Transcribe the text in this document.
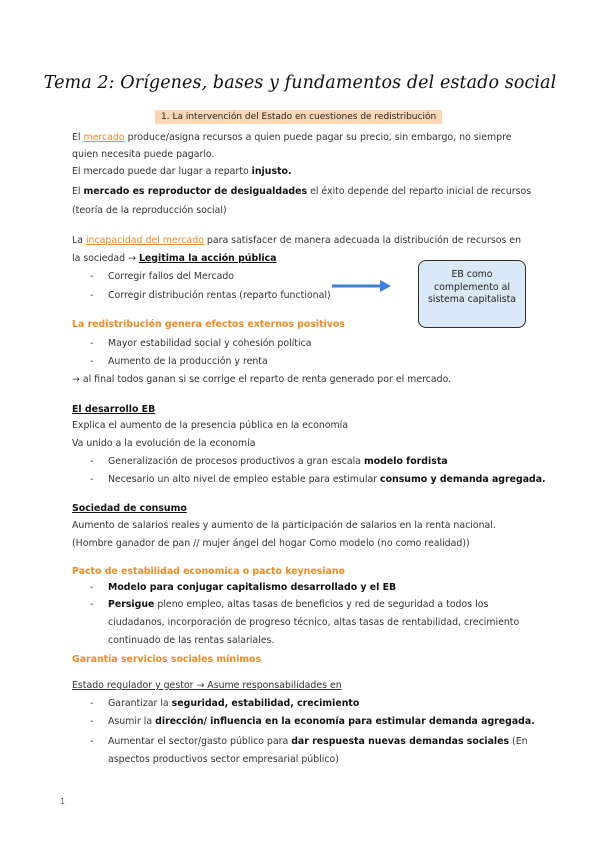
Tema 2: Orígenes, bases y fundamentos del estado social
1. La intervención del Estado en cuestiones de redistribución
El mercado produce/asigna recursos a quien puede pagar su precio, sin embargo, no siempre
quien necesita puede pagarlo.
El mercado puede dar lugar a reparto injusto.
El mercado es reproductor de desigualdades el éxito depende del reparto inicial de recursos
(teoría de la reproducción social)
La incapacidad del mercado para satisfacer de manera adecuada la distribución de recursos en
la sociedad → Legitima la acción pública
- Corregir fallos del Mercado
- Corregir distribución rentas (reparto functional)
EB como
complemento al
sistema capitalista
La redistribución genera efectos externos positivos
- Mayor estabilidad social y cohesión política
- Aumento de la producción y renta
→ al final todos ganan si se corrige el reparto de renta generado por el mercado.
El desarrollo EB
Explica el aumento de la presencia pública en la economía
Va unido a la evolución de la economía
- Generalización de procesos productivos a gran escala modelo fordista
- Necesario un alto nivel de empleo estable para estimular consumo y demanda agregada.
Sociedad de consumo
Aumento de salarios reales y aumento de la participación de salarios en la renta nacional.
(Hombre ganador de pan // mujer ángel del hogar Como modelo (no como realidad))
Pacto de estabilidad economica o pacto keynesiano
- Modelo para conjugar capitalismo desarrollado y el EB
- Persigue pleno empleo, altas tasas de beneficios y red de seguridad a todos los
ciudadanos, incorporación de progreso técnico, altas tasas de rentabilidad, crecimiento
continuado de las rentas salariales.
Garantía servicios sociales mínimos
Estado regulador y gestor → Asume responsabilidades en
- Garantizar la seguridad, estabilidad, crecimiento
- Asumir la dirección/ influencia en la economía para estimular demanda agregada.
- Aumentar el sector/gasto público para dar respuesta nuevas demandas sociales (En
aspectos productivos sector empresarial público)
1
